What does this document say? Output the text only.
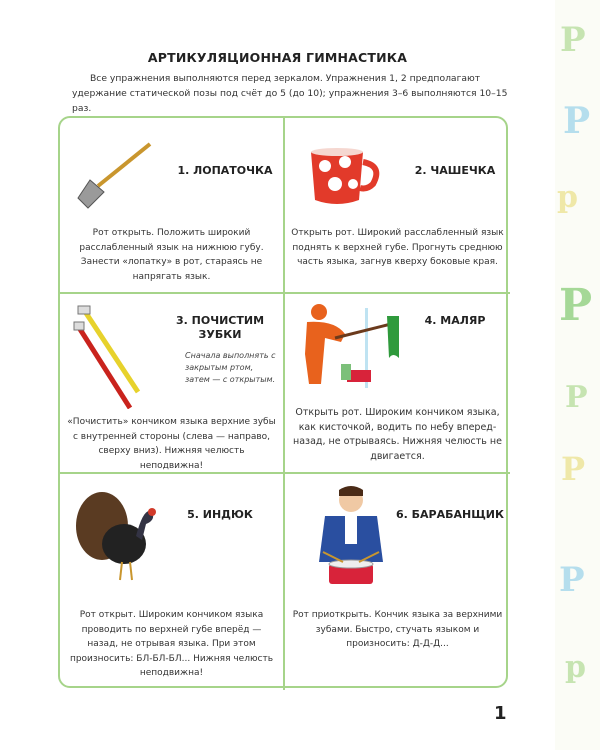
АРТИКУЛЯЦИОННАЯ ГИМНАСТИКА
Все упражнения выполняются перед зеркалом. Упражнения 1, 2 предполагают удержание статической позы под счёт до 5 (до 10); упражнения 3–6 выполняются 10–15 раз.
1. ЛОПАТОЧКА
Рот открыть. Положить широкий расслабленный язык на нижнюю губу. Занести «лопатку» в рот, стараясь не напрягать язык.
2. ЧАШЕЧКА
Открыть рот. Широкий расслабленный язык поднять к верхней губе. Прогнуть среднюю часть языка, загнув кверху боковые края.
3. ПОЧИСТИМ ЗУБКИ
Сначала выполнять с закрытым ртом, затем — с открытым.
«Почистить» кончиком языка верхние зубы с внутренней стороны (слева — направо, сверху вниз). Нижняя челюсть неподвижна!
4. МАЛЯР
Открыть рот. Широким кончиком языка, как кисточкой, водить по небу вперед-назад, не отрываясь. Нижняя челюсть не двигается.
5. ИНДЮК
Рот открыт. Широким кончиком языка проводить по верхней губе вперёд — назад, не отрывая языка. При этом произносить: БЛ-БЛ-БЛ... Нижняя челюсть неподвижна!
6. БАРАБАНЩИК
Рот приоткрыть. Кончик языка за верхними зубами. Быстро, стучать языком и произносить: Д-Д-Д...
1
Р
Р
р
Р
Р
Р
Р
р
